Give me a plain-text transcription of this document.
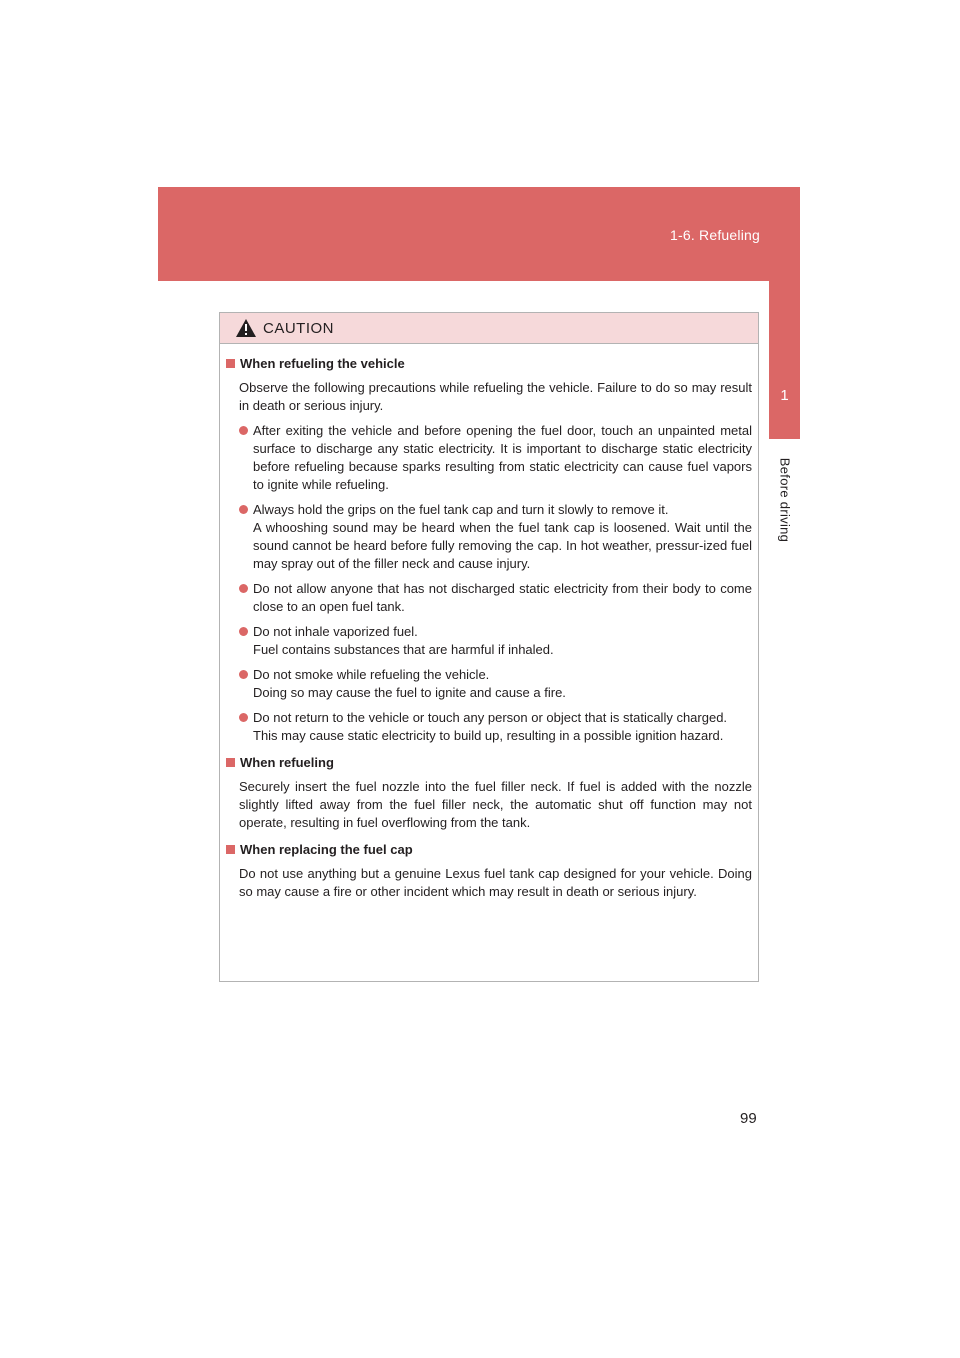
1-6. Refueling
1
Before driving
CAUTION
When refueling the vehicle
Observe the following precautions while refueling the vehicle. Failure to do so may result in death or serious injury.
After exiting the vehicle and before opening the fuel door, touch an unpainted metal surface to discharge any static electricity. It is important to discharge static electricity before refueling because sparks resulting from static electricity can cause fuel vapors to ignite while refueling.
Always hold the grips on the fuel tank cap and turn it slowly to remove it.
A whooshing sound may be heard when the fuel tank cap is loosened. Wait until the sound cannot be heard before fully removing the cap. In hot weather, pressur-ized fuel may spray out of the filler neck and cause injury.
Do not allow anyone that has not discharged static electricity from their body to come close to an open fuel tank.
Do not inhale vaporized fuel.
Fuel contains substances that are harmful if inhaled.
Do not smoke while refueling the vehicle.
Doing so may cause the fuel to ignite and cause a fire.
Do not return to the vehicle or touch any person or object that is statically charged.
This may cause static electricity to build up, resulting in a possible ignition hazard.
When refueling
Securely insert the fuel nozzle into the fuel filler neck. If fuel is added with the nozzle slightly lifted away from the fuel filler neck, the automatic shut off function may not operate, resulting in fuel overflowing from the tank.
When replacing the fuel cap
Do not use anything but a genuine Lexus fuel tank cap designed for your vehicle. Doing so may cause a fire or other incident which may result in death or serious injury.
99
